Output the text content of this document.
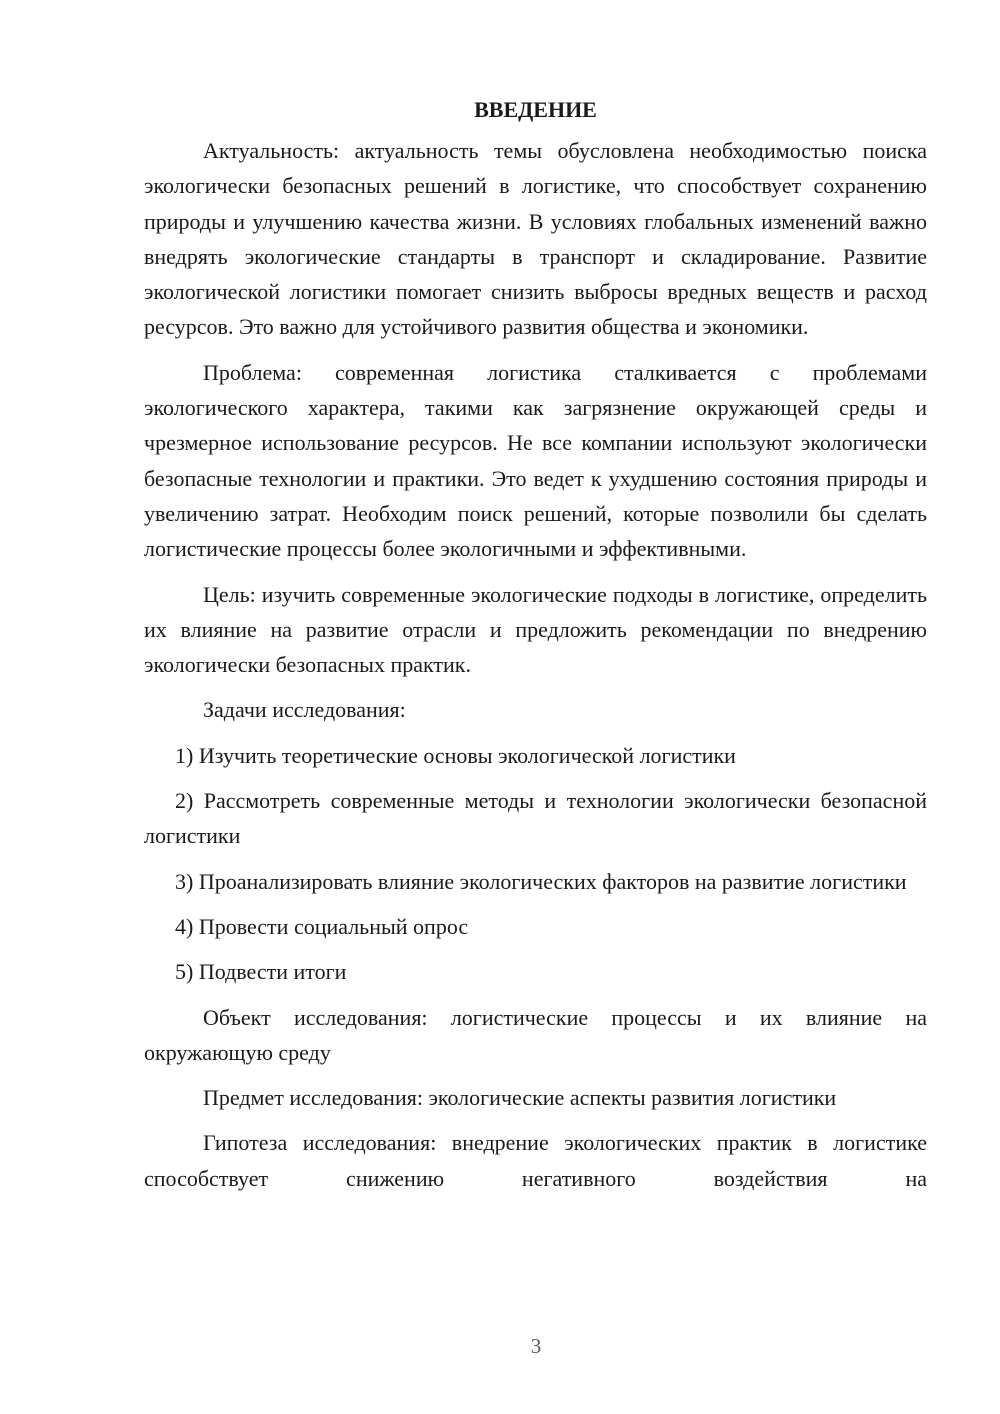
ВВЕДЕНИЕ

Актуальность: актуальность темы обусловлена необходимостью поиска экологически безопасных решений в логистике, что способствует сохранению природы и улучшению качества жизни. В условиях глобальных изменений важно внедрять экологические стандарты в транспорт и складирование. Развитие экологической логистики помогает снизить выбросы вредных веществ и расход ресурсов. Это важно для устойчивого развития общества и экономики.

Проблема: современная логистика сталкивается с проблемами экологического характера, такими как загрязнение окружающей среды и чрезмерное использование ресурсов. Не все компании используют экологически безопасные технологии и практики. Это ведет к ухудшению состояния природы и увеличению затрат. Необходим поиск решений, которые позволили бы сделать логистические процессы более экологичными и эффективными.

Цель: изучить современные экологические подходы в логистике, определить их влияние на развитие отрасли и предложить рекомендации по внедрению экологически безопасных практик.

Задачи исследования:

1) Изучить теоретические основы экологической логистики

2) Рассмотреть современные методы и технологии экологически безопасной логистики

3) Проанализировать влияние экологических факторов на развитие логистики

4) Провести социальный опрос

5) Подвести итоги

Объект исследования: логистические процессы и их влияние на окружающую среду

Предмет исследования: экологические аспекты развития логистики

Гипотеза исследования: внедрение экологических практик в логистике способствует снижению негативного воздействия на

3
